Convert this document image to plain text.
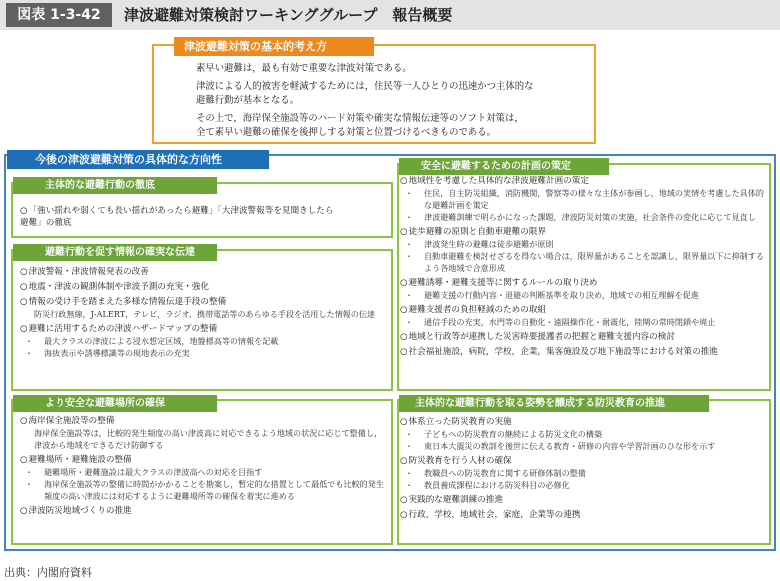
図表 1-3-42	津波避難対策検討ワーキンググループ　報告概要
津波避難対策の基本的考え方

素早い避難は，最も有効で重要な津波対策である。

津波による人的被害を軽減するためには，住民等一人ひとりの迅速かつ主体的な
避難行動が基本となる。

その上で，海岸保全施設等のハード対策や確実な情報伝達等のソフト対策は，
全て素早い避難の確保を後押しする対策と位置づけるべきものである。

今後の津波避難対策の具体的な方向性
主体的な避難行動の徹底
○「強い揺れや弱くても長い揺れがあったら避難」「大津波警報等を見聞きしたら
避難」の徹底
避難行動を促す情報の確実な伝達
○津波警報・津波情報発表の改善
○地震・津波の観測体制や津波予測の充実・強化
○情報の受け手を踏まえた多様な情報伝達手段の整備
防災行政無線，J-ALERT，テレビ，ラジオ，携帯電話等のあらゆる手段を活用した情報の伝達
○避難に活用するための津波ハザードマップの整備
・	最大クラスの津波による浸水想定区域，地盤標高等の情報を記載
・	海抜表示や誘導標識等の現地表示の充実
より安全な避難場所の確保
○海岸保全施設等の整備
海岸保全施設等は，比較的発生頻度の高い津波高に対応できるよう地域の状況に応じて整備し，津波から地域をできるだけ防御する
○避難場所・避難施設の整備
・	避難場所・避難施設は最大クラスの津波高への対応を目指す
・	海岸保全施設等の整備に時間がかかることを勘案し，暫定的な措置として最低でも比較的発生頻度の高い津波には対応するように避難場所等の確保を着実に進める
○津波防災地域づくりの推進
安全に避難するための計画の策定
○地域性を考慮した具体的な津波避難計画の策定
・	住民，自主防災組織，消防機関，警察等の様々な主体が参画し，地域の実情を考慮した具体的な避難計画を策定
・	津波避難訓練で明らかになった課題，津波防災対策の実施，社会条件の変化に応じて見直し
○徒歩避難の原則と自動車避難の限界
・	津波発生時の避難は徒歩避難が原則
・	自動車避難を検討せざるを得ない場合は，限界量があることを認識し，限界量以下に抑制するよう各地域で合意形成
○避難誘導・避難支援等に関するルールの取り決め
・	避難支援の行動内容・退避の判断基準を取り決め，地域での相互理解を促進
○避難支援者の負担軽減のための取組
・	通信手段の充実，水門等の自動化・遠隔操作化・耐震化，陸閘の常時閉鎖や廃止
○地域と行政等が連携した災害時要援護者の把握と避難支援内容の検討
○社会福祉施設，病院，学校，企業，集客施設及び地下施設等における対策の推進
主体的な避難行動を取る姿勢を醸成する防災教育の推進
○体系立った防災教育の実施
・	子どもへの防災教育の継続による防災文化の構築
・	東日本大震災の教訓を後世に伝える教育・研修の内容や学習計画のひな形を示す
○防災教育を行う人材の確保
・	教職員への防災教育に関する研修体制の整備
・	教員養成課程における防災科目の必修化
○実践的な避難訓練の推進
○行政，学校，地域社会，家庭，企業等の連携
出典：内閣府資料
